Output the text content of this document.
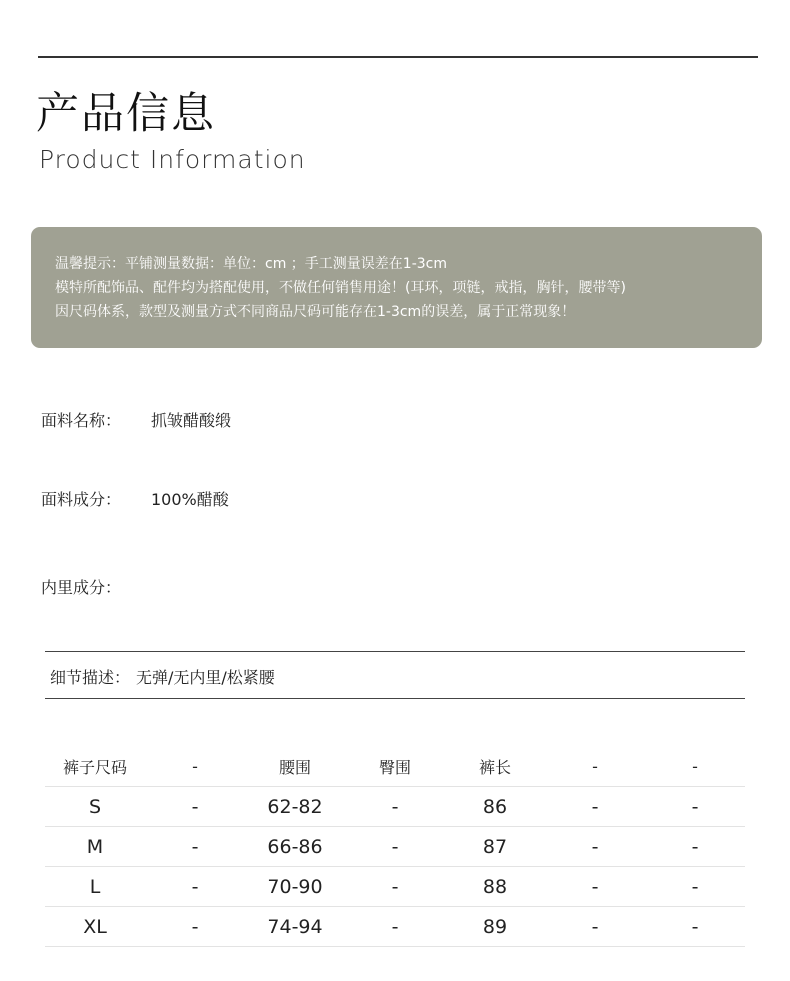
产品信息
Product Information
温馨提示：平铺测量数据：单位：cm ；手工测量误差在1-3cm
模特所配饰品、配件均为搭配使用，不做任何销售用途！(耳环，项链，戒指，胸针，腰带等)
因尺码体系，款型及测量方式不同商品尺码可能存在1-3cm的误差，属于正常现象！
面料名称： 抓皱醋酸缎
面料成分： 100%醋酸
内里成分：
细节描述： 无弹/无内里/松紧腰
裤子尺码	-	腰围	臀围	裤长	-	-
S	-	62-82	-	86	-	-
M	-	66-86	-	87	-	-
L	-	70-90	-	88	-	-
XL	-	74-94	-	89	-	-
